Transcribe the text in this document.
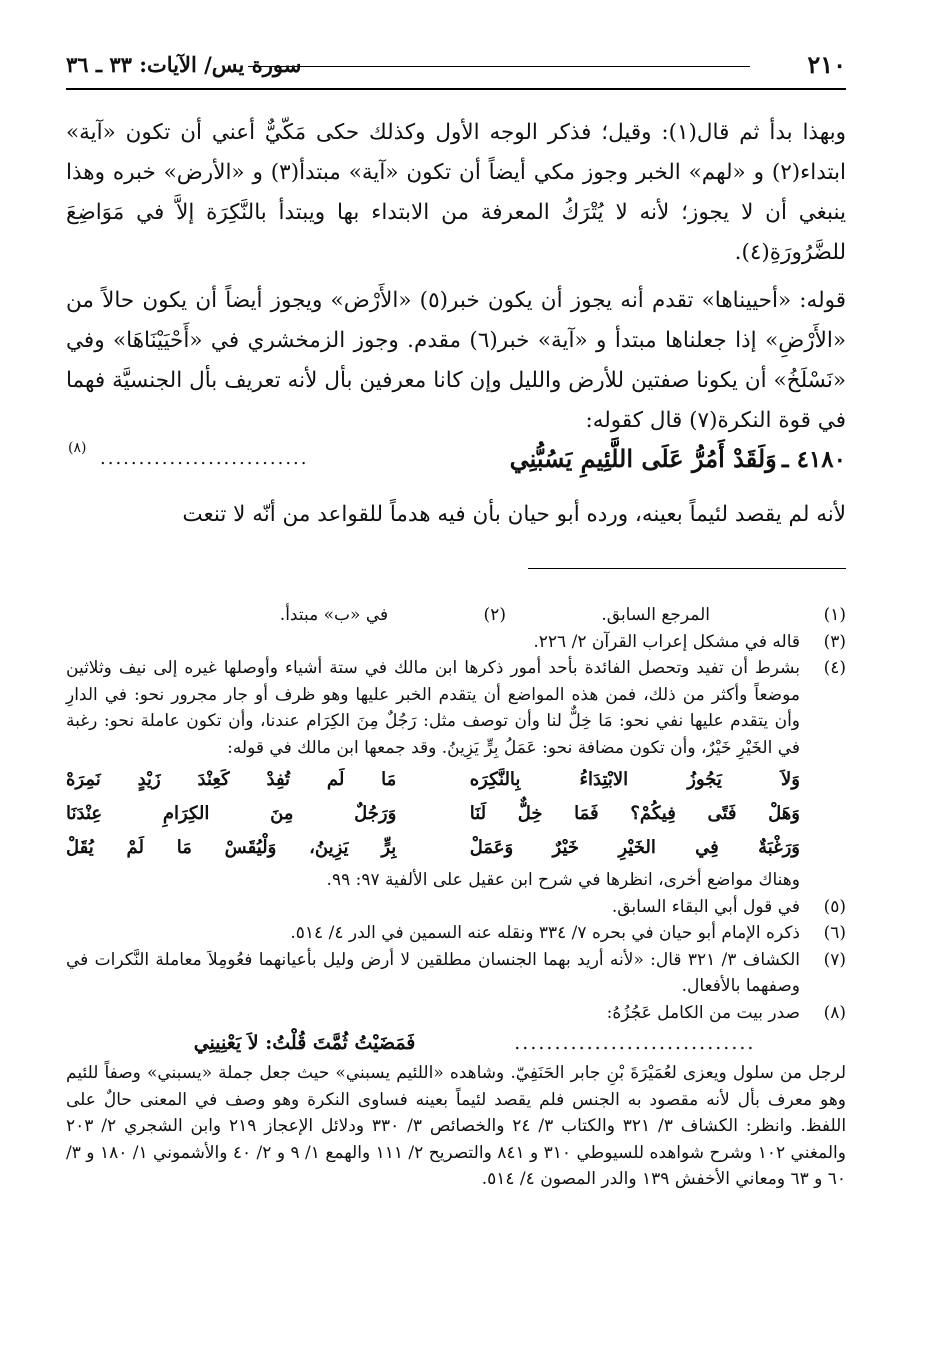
٢١٠
سورة يس/ الآيات: ٣٣ ـ ٣٦

وبهذا بدأ ثم قال(١): وقيل؛ فذكر الوجه الأول وكذلك حكى مَكّيٌّ أعني أن تكون «آية» ابتداء(٢) و «لهم» الخبر وجوز مكي أيضاً أن تكون «آية» مبتدأ(٣) و «الأرض» خبره وهذا ينبغي أن لا يجوز؛ لأنه لا يُتْرَكُ المعرفة من الابتداء بها ويبتدأ بالنَّكِرَة إلاَّ في مَوَاضِعَ للضَّرُورَةِ(٤).

قوله: «أحييناها» تقدم أنه يجوز أن يكون خبر(٥) «الأَرْض» ويجوز أيضاً أن يكون حالاً من «الأَرْضِ» إذا جعلناها مبتدأ و «آية» خبر(٦) مقدم. وجوز الزمخشري في «أَحْيَيْنَاهَا» وفي «نَسْلَخُ» أن يكونا صفتين للأرض والليل وإن كانا معرفين بأل لأنه تعريف بأل الجنسيَّة فهما في قوة النكرة(٧) قال كقوله:

٤١٨٠ ـ وَلَقَدْ أَمُرُّ عَلَى اللَّئِيمِ يَسُبُّنِي
...........................
(٨)
لأنه لم يقصد لئيماً بعينه، ورده أبو حيان بأن فيه هدماً للقواعد من أنّه لا تنعت
(١)
المرجع السابق. (٢) في «ب» مبتدأ.
(٣)
قاله في مشكل إعراب القرآن ٢/ ٢٢٦.
(٤)
بشرط أن تفيد وتحصل الفائدة بأحد أمور ذكرها ابن مالك في ستة أشياء وأوصلها غيره إلى نيف وثلاثين موضعاً وأكثر من ذلك، فمن هذه المواضع أن يتقدم الخبر عليها وهو ظرف أو جار مجرور نحو: في الدارِ وأن يتقدم عليها نفي نحو: مَا خِلٌّ لنا وأن توصف مثل: رَجُلٌ مِنَ الكِرَام عندنا، وأن تكون عاملة نحو: رغبة في الخَيْرِ خَيْرٌ، وأن تكون مضافة نحو: عَمَلُ بِرٍّ يَزِينُ. وقد جمعها ابن مالك في قوله:
وَلاَ يَجُوزُ الابْتِدَاءُ بِالنَّكِرَه
مَا لَم تُفِدْ كَعِنْدَ زَيْدٍ نَمِرَهْ
وَهَلْ فَتًى فِيكُمْ؟ فَمَا خِلٌّ لَنَا
وَرَجُلٌ مِنَ الكِرَامِ عِنْدَنَا
وَرَغْبَةٌ فِي الخَيْرِ خَيْرٌ وَعَمَلْ
بِرٍّ يَزِينُ، وَلْيُقَسْ مَا لَمْ يُقَلْ
وهناك مواضع أخرى، انظرها في شرح ابن عقيل على الألفية ٩٧: ٩٩.
(٥)
في قول أبي البقاء السابق.
(٦)
ذكره الإمام أبو حيان في بحره ٧/ ٣٣٤ ونقله عنه السمين في الدر ٤/ ٥١٤.
(٧)
الكشاف ٣/ ٣٢١ قال: «لأنه أريد بهما الجنسان مطلقين لا أرض وليل بأعيانهما فعُومِلاَ معاملة النَّكرات في وصفهما بالأفعال.
(٨)
صدر بيت من الكامل عَجُزُهُ:
..............................
فَمَضَيْتُ ثُمَّتَ قُلْتُ: لاَ يَعْنِينِي
لرجل من سلول ويعزى لعُمَيْرَةَ بْنِ جابر الحَنَفِيّ. وشاهده «اللئيم يسبني» حيث جعل جملة «يسبني» وصفاً للئيم وهو معرف بأل لأنه مقصود به الجنس فلم يقصد لئيماً بعينه فساوى النكرة وهو وصف في المعنى حالٌ على اللفظ. وانظر: الكشاف ٣/ ٣٢١ والكتاب ٣/ ٢٤ والخصائص ٣/ ٣٣٠ ودلائل الإعجاز ٢١٩ وابن الشجري ٢/ ٢٠٣ والمغني ١٠٢ وشرح شواهده للسيوطي ٣١٠ و ٨٤١ والتصريح ٢/ ١١١ والهمع ١/ ٩ و ٢/ ٤٠ والأشموني ١/ ١٨٠ و ٣/ ٦٠ و ٦٣ ومعاني الأخفش ١٣٩ والدر المصون ٤/ ٥١٤.
